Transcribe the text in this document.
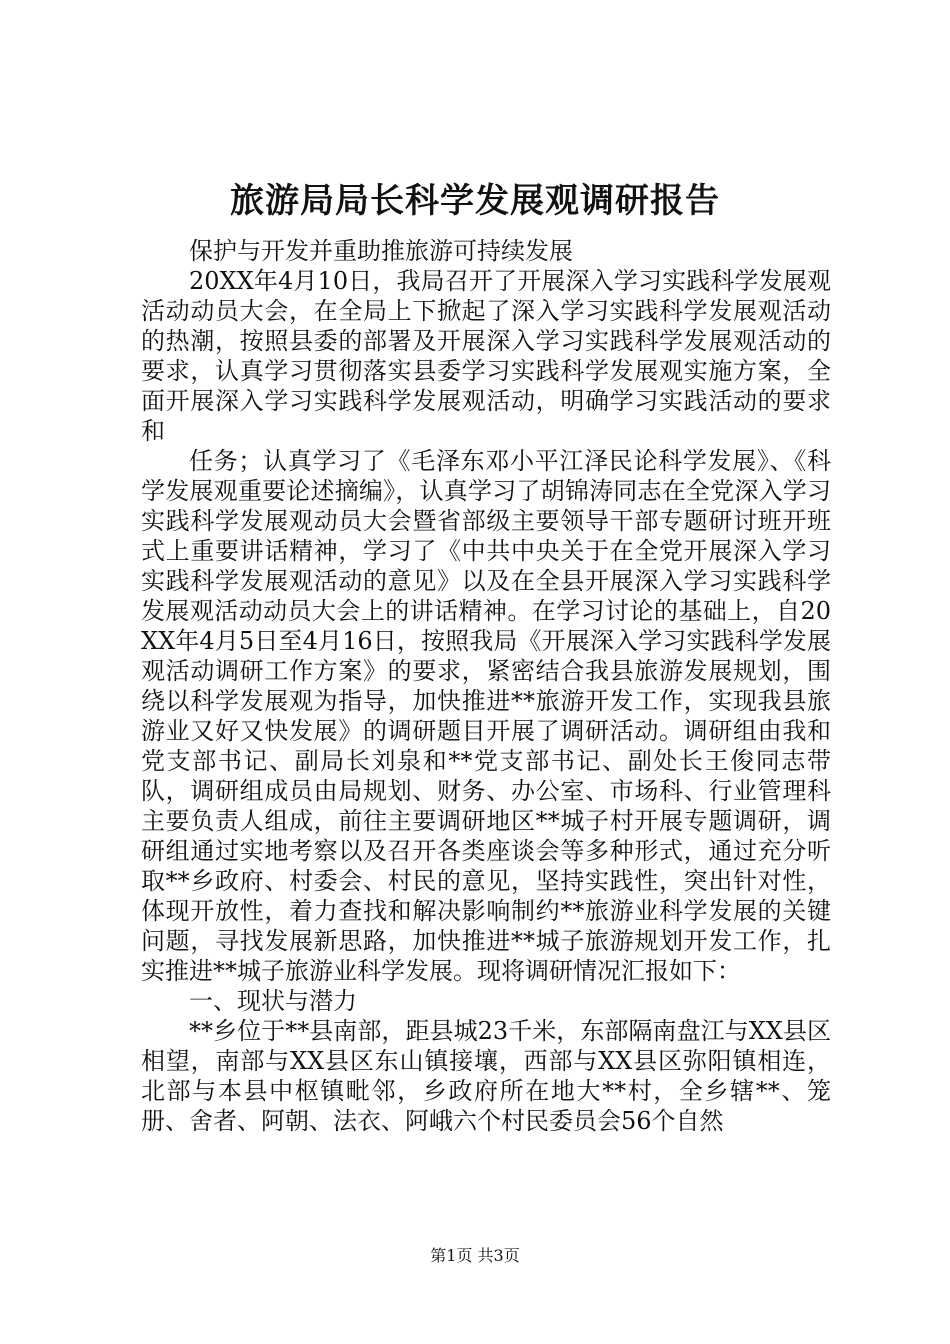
旅游局局长科学发展观调研报告

保护与开发并重助推旅游可持续发展

20XX年4月10日，我局召开了开展深入学习实践科学发展观活动动员大会，在全局上下掀起了深入学习实践科学发展观活动的热潮，按照县委的部署及开展深入学习实践科学发展观活动的要求，认真学习贯彻落实县委学习实践科学发展观实施方案，全面开展深入学习实践科学发展观活动，明确学习实践活动的要求和

任务；认真学习了《毛泽东邓小平江泽民论科学发展》、《科学发展观重要论述摘编》，认真学习了胡锦涛同志在全党深入学习实践科学发展观动员大会暨省部级主要领导干部专题研讨班开班式上重要讲话精神，学习了《中共中央关于在全党开展深入学习实践科学发展观活动的意见》以及在全县开展深入学习实践科学发展观活动动员大会上的讲话精神。在学习讨论的基础上，自20XX年4月5日至4月16日，按照我局《开展深入学习实践科学发展观活动调研工作方案》的要求，紧密结合我县旅游发展规划，围绕以科学发展观为指导，加快推进**旅游开发工作，实现我县旅游业又好又快发展》的调研题目开展了调研活动。调研组由我和党支部书记、副局长刘泉和**党支部书记、副处长王俊同志带队，调研组成员由局规划、财务、办公室、市场科、行业管理科主要负责人组成，前往主要调研地区**城子村开展专题调研，调研组通过实地考察以及召开各类座谈会等多种形式，通过充分听取**乡政府、村委会、村民的意见，坚持实践性，突出针对性，体现开放性，着力查找和解决影响制约**旅游业科学发展的关键问题，寻找发展新思路，加快推进**城子旅游规划开发工作，扎实推进**城子旅游业科学发展。现将调研情况汇报如下：

一、现状与潜力

**乡位于**县南部，距县城23千米，东部隔南盘江与XX县区相望，南部与XX县区东山镇接壤，西部与XX县区弥阳镇相连，北部与本县中枢镇毗邻，乡政府所在地大**村，全乡辖**、笼册、舍者、阿朝、法衣、阿峨六个村民委员会56个自然

第1页 共3页
